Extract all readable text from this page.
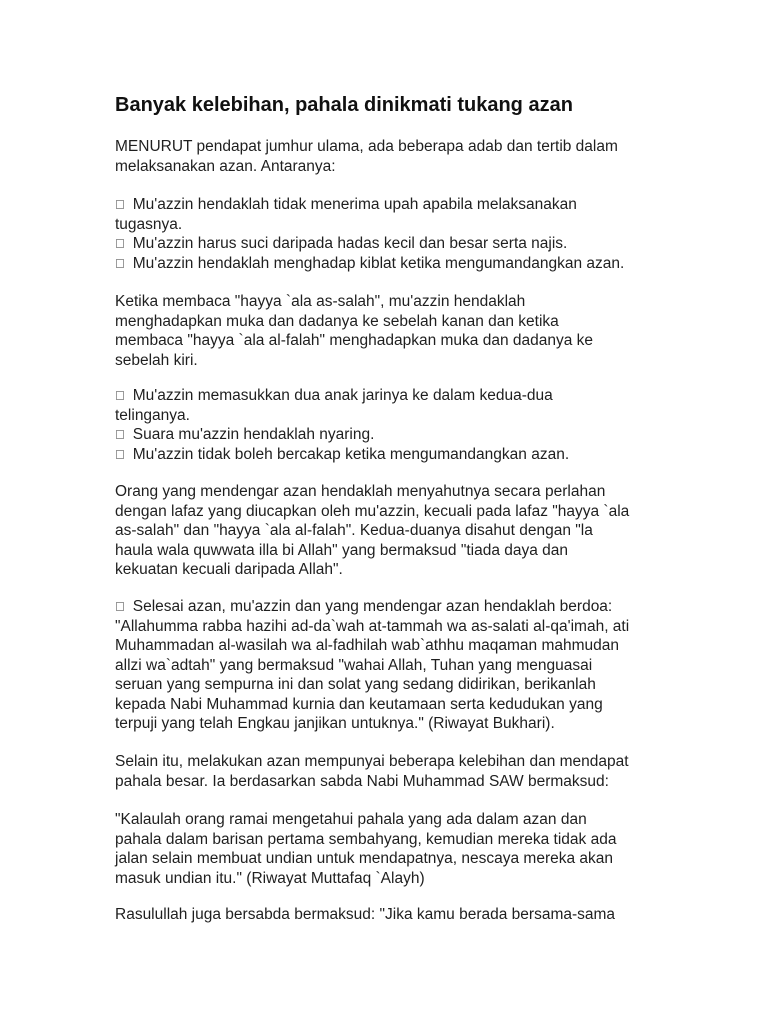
Banyak kelebihan, pahala dinikmati tukang azan
MENURUT pendapat jumhur ulama, ada beberapa adab dan tertib dalam
melaksanakan azan. Antaranya:
Mu'azzin hendaklah tidak menerima upah apabila melaksanakan
tugasnya.
Mu'azzin harus suci daripada hadas kecil dan besar serta najis.
Mu'azzin hendaklah menghadap kiblat ketika mengumandangkan azan.
Ketika membaca "hayya `ala as-salah", mu'azzin hendaklah
menghadapkan muka dan dadanya ke sebelah kanan dan ketika
membaca "hayya `ala al-falah" menghadapkan muka dan dadanya ke
sebelah kiri.
Mu'azzin memasukkan dua anak jarinya ke dalam kedua-dua
telinganya.
Suara mu'azzin hendaklah nyaring.
Mu'azzin tidak boleh bercakap ketika mengumandangkan azan.
Orang yang mendengar azan hendaklah menyahutnya secara perlahan
dengan lafaz yang diucapkan oleh mu'azzin, kecuali pada lafaz "hayya `ala
as-salah" dan "hayya `ala al-falah". Kedua-duanya disahut dengan "la
haula wala quwwata illa bi Allah" yang bermaksud "tiada daya dan
kekuatan kecuali daripada Allah".
Selesai azan, mu'azzin dan yang mendengar azan hendaklah berdoa:
"Allahumma rabba hazihi ad-da`wah at-tammah wa as-salati al-qa'imah, ati
Muhammadan al-wasilah wa al-fadhilah wab`athhu maqaman mahmudan
allzi wa`adtah" yang bermaksud "wahai Allah, Tuhan yang menguasai
seruan yang sempurna ini dan solat yang sedang didirikan, berikanlah
kepada Nabi Muhammad kurnia dan keutamaan serta kedudukan yang
terpuji yang telah Engkau janjikan untuknya." (Riwayat Bukhari).
Selain itu, melakukan azan mempunyai beberapa kelebihan dan mendapat
pahala besar. Ia berdasarkan sabda Nabi Muhammad SAW bermaksud:
"Kalaulah orang ramai mengetahui pahala yang ada dalam azan dan
pahala dalam barisan pertama sembahyang, kemudian mereka tidak ada
jalan selain membuat undian untuk mendapatnya, nescaya mereka akan
masuk undian itu." (Riwayat Muttafaq `Alayh)
Rasulullah juga bersabda bermaksud: "Jika kamu berada bersama-sama
